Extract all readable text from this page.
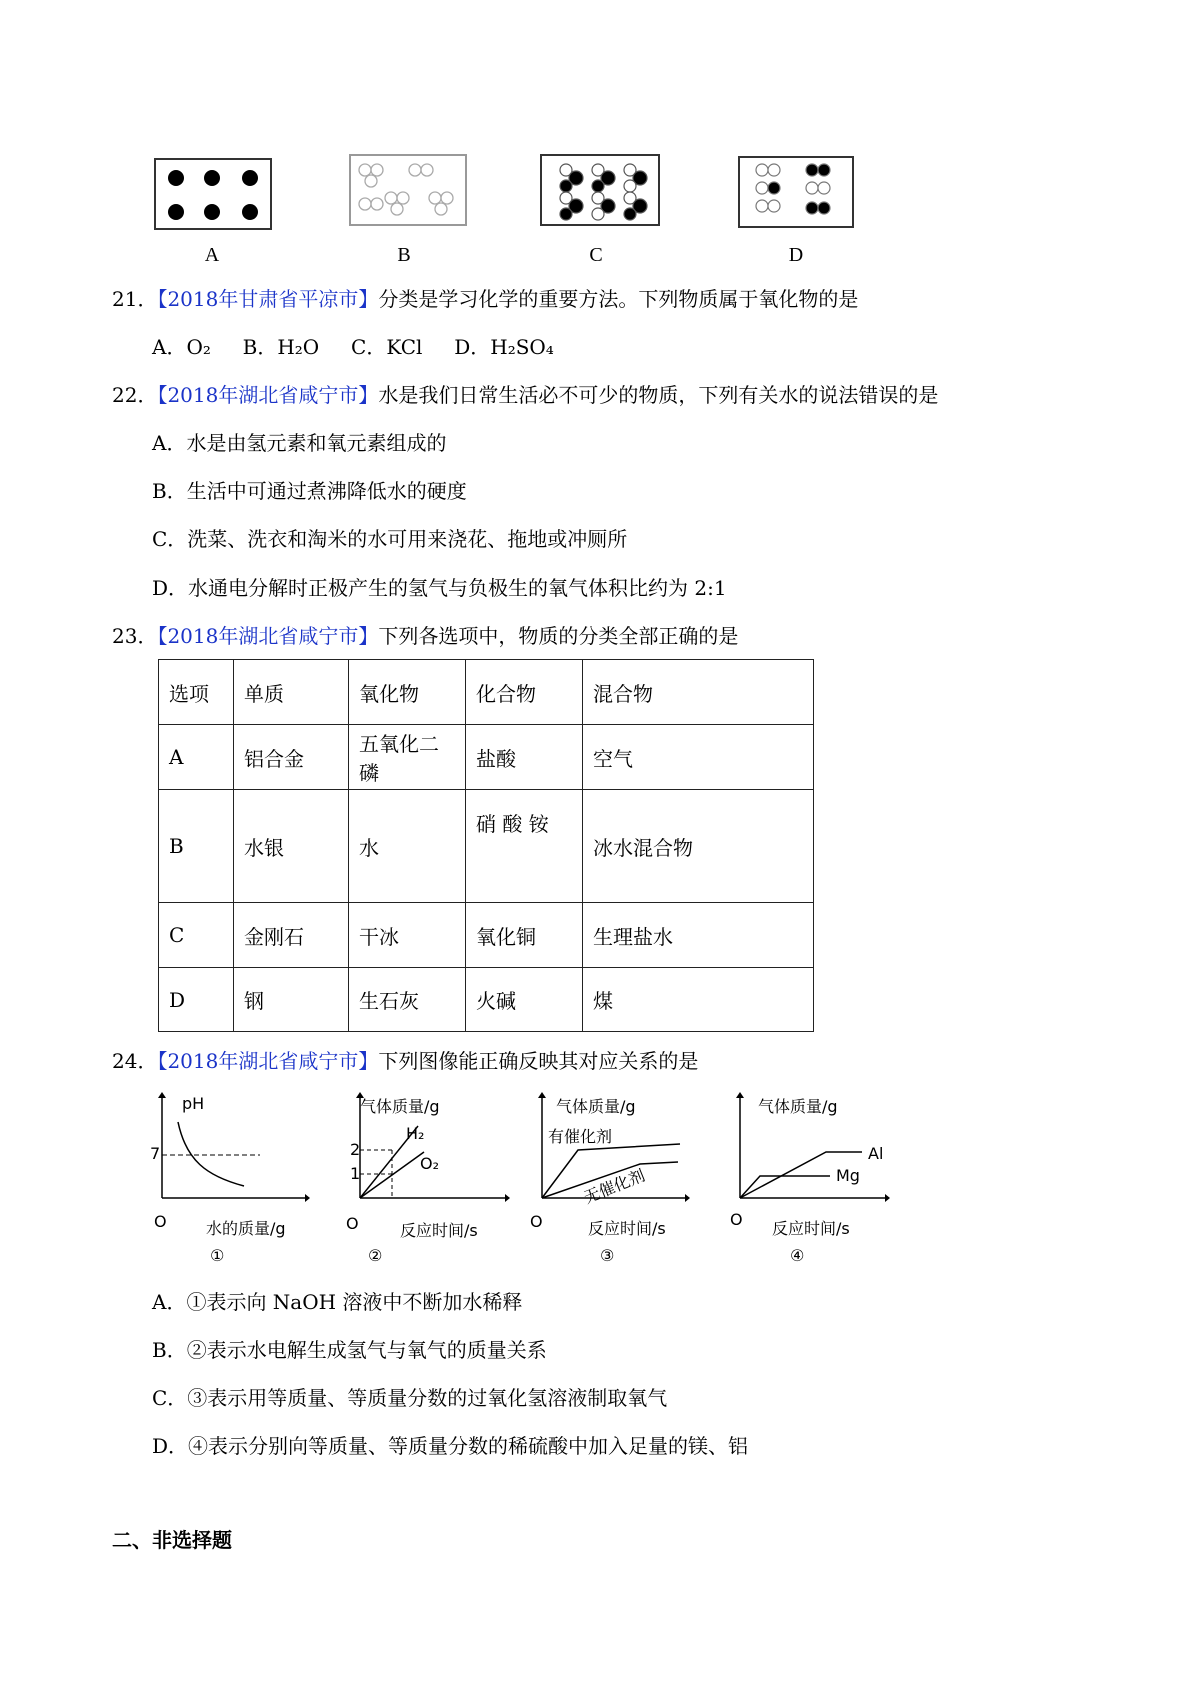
A	B	C	D
21．【2018年甘肃省平凉市】分类是学习化学的重要方法。下列物质属于氧化物的是
A．O₂ B．H₂O C．KCl D．H₂SO₄
22．【2018年湖北省咸宁市】水是我们日常生活必不可少的物质，下列有关水的说法错误的是
A．水是由氢元素和氧元素组成的
B．生活中可通过煮沸降低水的硬度
C．洗菜、洗衣和淘米的水可用来浇花、拖地或冲厕所
D．水通电分解时正极产生的氢气与负极生的氧气体积比约为 2:1
23．【2018年湖北省咸宁市】下列各选项中，物质的分类全部正确的是
选项	单质	氧化物	化合物	混合物
A	铝合金	五氧化二磷	盐酸	空气
B	水银	水	硝 酸 铵	冰水混合物
C	金刚石	干冰	氧化铜	生理盐水
D	钢	生石灰	火碱	煤
24．【2018年湖北省咸宁市】下列图像能正确反映其对应关系的是
pH
7
O 水的质量/g
①
气体质量/g
2
1
H₂
O₂
O	反应时间/s
②
气体质量/g
有催化剂
无催化剂
O	反应时间/s
③
气体质量/g
Al
Mg
O 反应时间/s
④
A．①表示向 NaOH 溶液中不断加水稀释
B．②表示水电解生成氢气与氧气的质量关系
C．③表示用等质量、等质量分数的过氧化氢溶液制取氧气
D．④表示分别向等质量、等质量分数的稀硫酸中加入足量的镁、铝
二、非选择题
